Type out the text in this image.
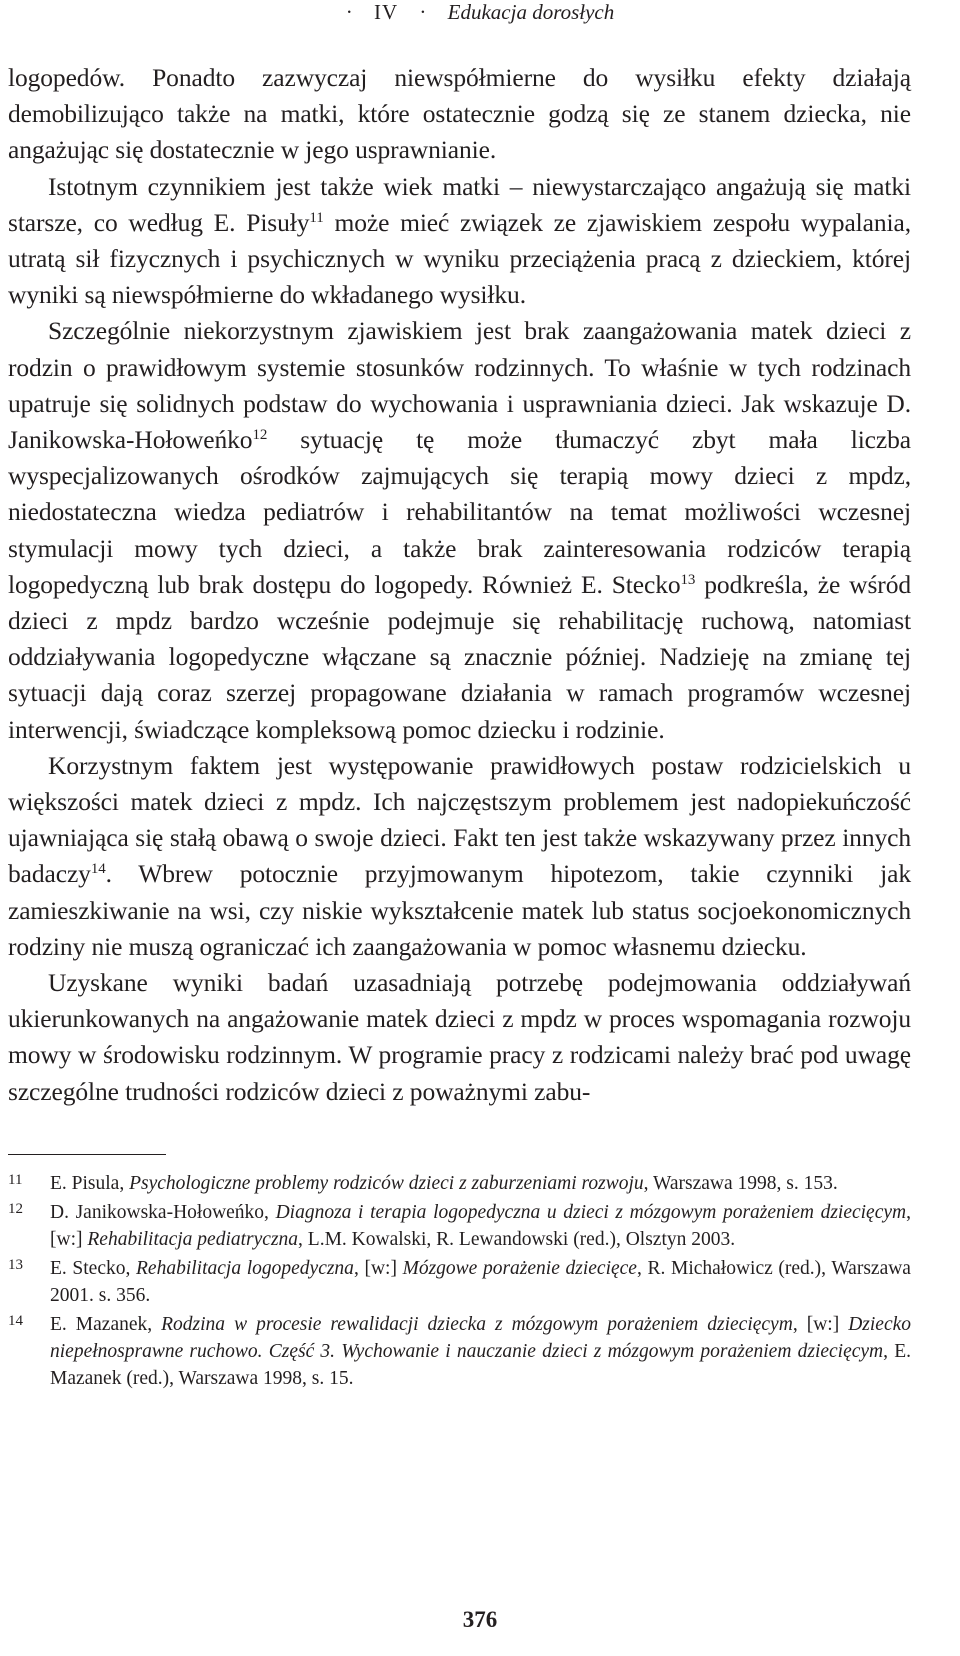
· IV · Edukacja dorosłych

logopedów. Ponadto zazwyczaj niewspółmierne do wysiłku efekty działają demobilizująco także na matki, które ostatecznie godzą się ze stanem dziecka, nie angażując się dostatecznie w jego usprawnianie.

Istotnym czynnikiem jest także wiek matki – niewystarczająco angażują się matki starsze, co według E. Pisuły$^{11}$ może mieć związek ze zjawiskiem zespołu wypalania, utratą sił fizycznych i psychicznych w wyniku przeciążenia pracą z dzieckiem, której wyniki są niewspółmierne do wkładanego wysiłku.

Szczególnie niekorzystnym zjawiskiem jest brak zaangażowania matek dzieci z rodzin o prawidłowym systemie stosunków rodzinnych. To właśnie w tych rodzinach upatruje się solidnych podstaw do wychowania i usprawniania dzieci. Jak wskazuje D. Janikowska-Hołoweńko$^{12}$ sytuację tę może tłumaczyć zbyt mała liczba wyspecjalizowanych ośrodków zajmujących się terapią mowy dzieci z mpdz, niedostateczna wiedza pediatrów i rehabilitantów na temat możliwości wczesnej stymulacji mowy tych dzieci, a także brak zainteresowania rodziców terapią logopedyczną lub brak dostępu do logopedy. Również E. Stecko$^{13}$ podkreśla, że wśród dzieci z mpdz bardzo wcześnie podejmuje się rehabilitację ruchową, natomiast oddziaływania logopedyczne włączane są znacznie później. Nadzieję na zmianę tej sytuacji dają coraz szerzej propagowane działania w ramach programów wczesnej interwencji, świadczące kompleksową pomoc dziecku i rodzinie.

Korzystnym faktem jest występowanie prawidłowych postaw rodzicielskich u większości matek dzieci z mpdz. Ich najczęstszym problemem jest nadopiekuńczość ujawniająca się stałą obawą o swoje dzieci. Fakt ten jest także wskazywany przez innych badaczy$^{14}$. Wbrew potocznie przyjmowanym hipotezom, takie czynniki jak zamieszkiwanie na wsi, czy niskie wykształcenie matek lub status socjoekonomicznych rodziny nie muszą ograniczać ich zaangażowania w pomoc własnemu dziecku.

Uzyskane wyniki badań uzasadniają potrzebę podejmowania oddziaływań ukierunkowanych na angażowanie matek dzieci z mpdz w proces wspomagania rozwoju mowy w środowisku rodzinnym. W programie pracy z rodzicami należy brać pod uwagę szczególne trudności rodziców dzieci z poważnymi zabu-

11 E. Pisula, Psychologiczne problemy rodziców dzieci z zaburzeniami rozwoju, Warszawa 1998, s. 153.
12 D. Janikowska-Hołoweńko, Diagnoza i terapia logopedyczna u dzieci z mózgowym porażeniem dziecięcym, [w:] Rehabilitacja pediatryczna, L.M. Kowalski, R. Lewandowski (red.), Olsztyn 2003.
13 E. Stecko, Rehabilitacja logopedyczna, [w:] Mózgowe porażenie dziecięce, R. Michałowicz (red.), Warszawa 2001. s. 356.
14 E. Mazanek, Rodzina w procesie rewalidacji dziecka z mózgowym porażeniem dziecięcym, [w:] Dziecko niepełnosprawne ruchowo. Część 3. Wychowanie i nauczanie dzieci z mózgowym porażeniem dziecięcym, E. Mazanek (red.), Warszawa 1998, s. 15.
376
